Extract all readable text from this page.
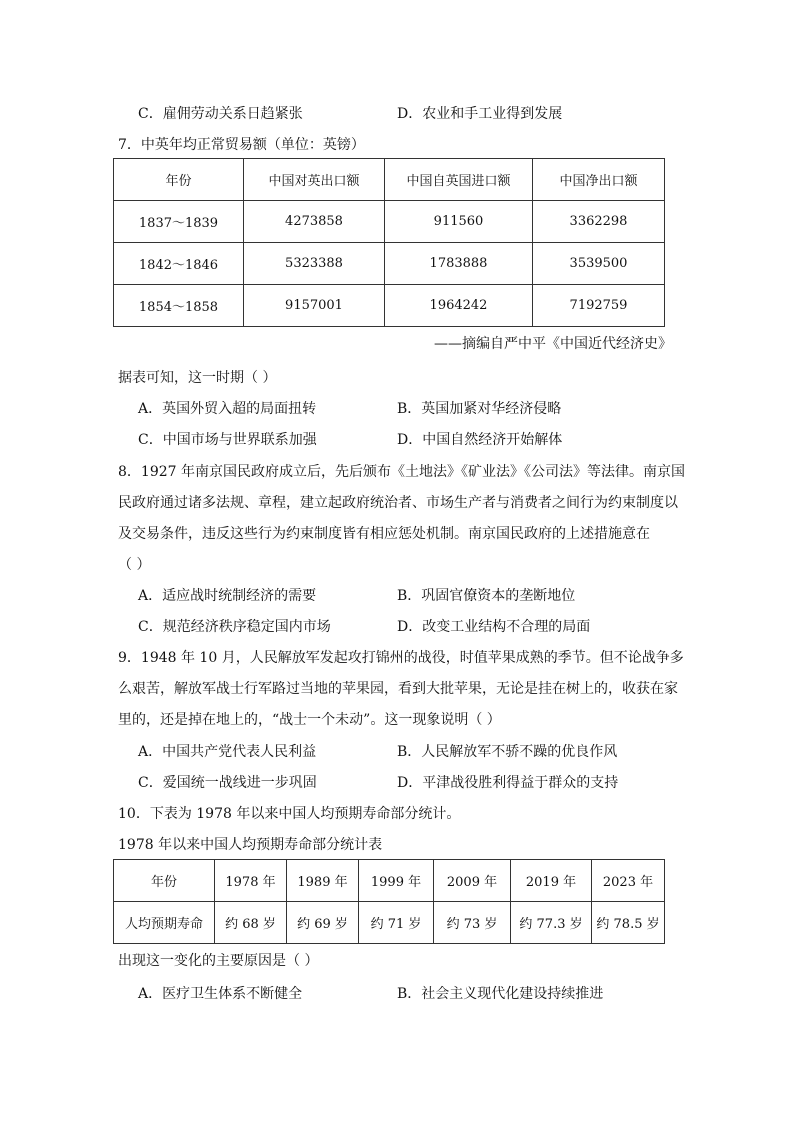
C．雇佣劳动关系日趋紧张	D．农业和手工业得到发展
7．中英年均正常贸易额（单位：英镑）
年份	中国对英出口额	中国自英国进口额	中国净出口额
1837～1839	4273858	911560	3362298
1842～1846	5323388	1783888	3539500
1854～1858	9157001	1964242	7192759
——摘编自严中平《中国近代经济史》
据表可知，这一时期（ ）
A．英国外贸入超的局面扭转	B．英国加紧对华经济侵略
C．中国市场与世界联系加强	D．中国自然经济开始解体
8．1927 年南京国民政府成立后，先后颁布《土地法》《矿业法》《公司法》等法律。南京国
民政府通过诸多法规、章程，建立起政府统治者、市场生产者与消费者之间行为约束制度以
及交易条件，违反这些行为约束制度皆有相应惩处机制。南京国民政府的上述措施意在
（ ）
A．适应战时统制经济的需要	B．巩固官僚资本的垄断地位
C．规范经济秩序稳定国内市场	D．改变工业结构不合理的局面
9．1948 年 10 月，人民解放军发起攻打锦州的战役，时值苹果成熟的季节。但不论战争多
么艰苦，解放军战士行军路过当地的苹果园，看到大批苹果，无论是挂在树上的，收获在家
里的，还是掉在地上的，“战士一个未动”。这一现象说明（ ）
A．中国共产党代表人民利益	B．人民解放军不骄不躁的优良作风
C．爱国统一战线进一步巩固	D．平津战役胜利得益于群众的支持
10．下表为 1978 年以来中国人均预期寿命部分统计。
1978 年以来中国人均预期寿命部分统计表
年份	1978 年	1989 年	1999 年	2009 年	2019 年	2023 年
人均预期寿命	约 68 岁	约 69 岁	约 71 岁	约 73 岁	约 77.3 岁	约 78.5 岁
出现这一变化的主要原因是（ ）
A．医疗卫生体系不断健全	B．社会主义现代化建设持续推进
